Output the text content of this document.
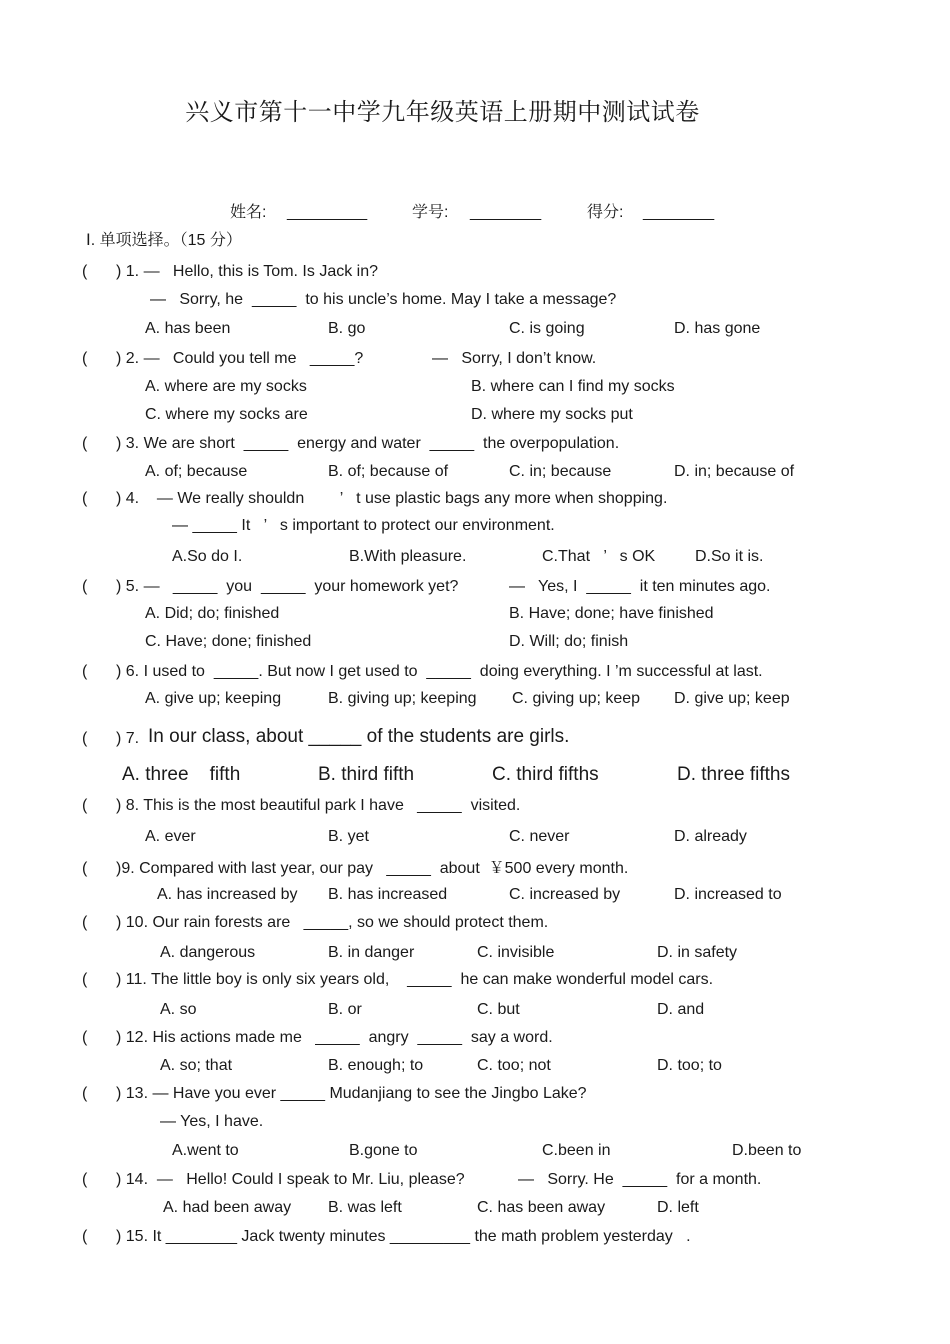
兴义市第十一中学九年级英语上册期中测试试卷
姓名: _________	学号: ________	得分: ________
Ⅰ. 单项选择。（15 分）
( ) 1. —   Hello, this is Tom. Is Jack in?
—   Sorry, he  _____  to his uncle’s home. May I take a message?
A. has been	B. go	C. is going	D. has gone
( ) 2. —   Could you tell me   _____?	—   Sorry, I don’t know.
A. where are my socks	B. where can I find my socks
C. where my socks are	D. where my socks put
( ) 3. We are short  _____  energy and water  _____  the overpopulation.
A. of; because	B. of; because of	C. in; because	D. in; because of
( ) 4.    — We really shouldn        ’   t use plastic bags any more when shopping.
— _____ It   ’   s important to protect our environment.
A.So do I.	B.With pleasure.	C.That   ’   s OK D.So it is.
( ) 5. —   _____  you  _____  your homework yet?	—   Yes, I  _____  it ten minutes ago.
A. Did; do; finished	B. Have; done; have finished
C. Have; done; finished	D. Will; do; finish
( ) 6. I used to  _____. But now I get used to  _____  doing everything. I ’m successful at last.
A. give up; keeping	B. giving up; keeping C. giving up; keep D. give up; keep
( ) 7. In our class, about _____ of the students are girls.
A. three    fifth	B. third fifth	C. third fifths	D. three fifths
( ) 8. This is the most beautiful park I have   _____  visited.
A. ever	B. yet	C. never	D. already
( )9. Compared with last year, our pay   _____  about  ￥500 every month.
A. has increased by B. has increased	C. increased by	D. increased to
( ) 10. Our rain forests are   _____, so we should protect them.
A. dangerous	B. in danger	C. invisible	D. in safety
( ) 11. The little boy is only six years old,    _____  he can make wonderful model cars.
A. so	B. or	C. but	D. and
( ) 12. His actions made me   _____  angry  _____  say a word.
A. so; that	B. enough; to	C. too; not	D. too; to
( ) 13. — Have you ever _____ Mudanjiang to see the Jingbo Lake?
— Yes, I have.
A.went to	B.gone to	C.been in	D.been to
( ) 14.  —   Hello! Could I speak to Mr. Liu, please?	—   Sorry. He  _____  for a month.
A. had been away B. was left	C. has been away	D. left
( ) 15. It ________ Jack twenty minutes _________ the math problem yesterday   .
